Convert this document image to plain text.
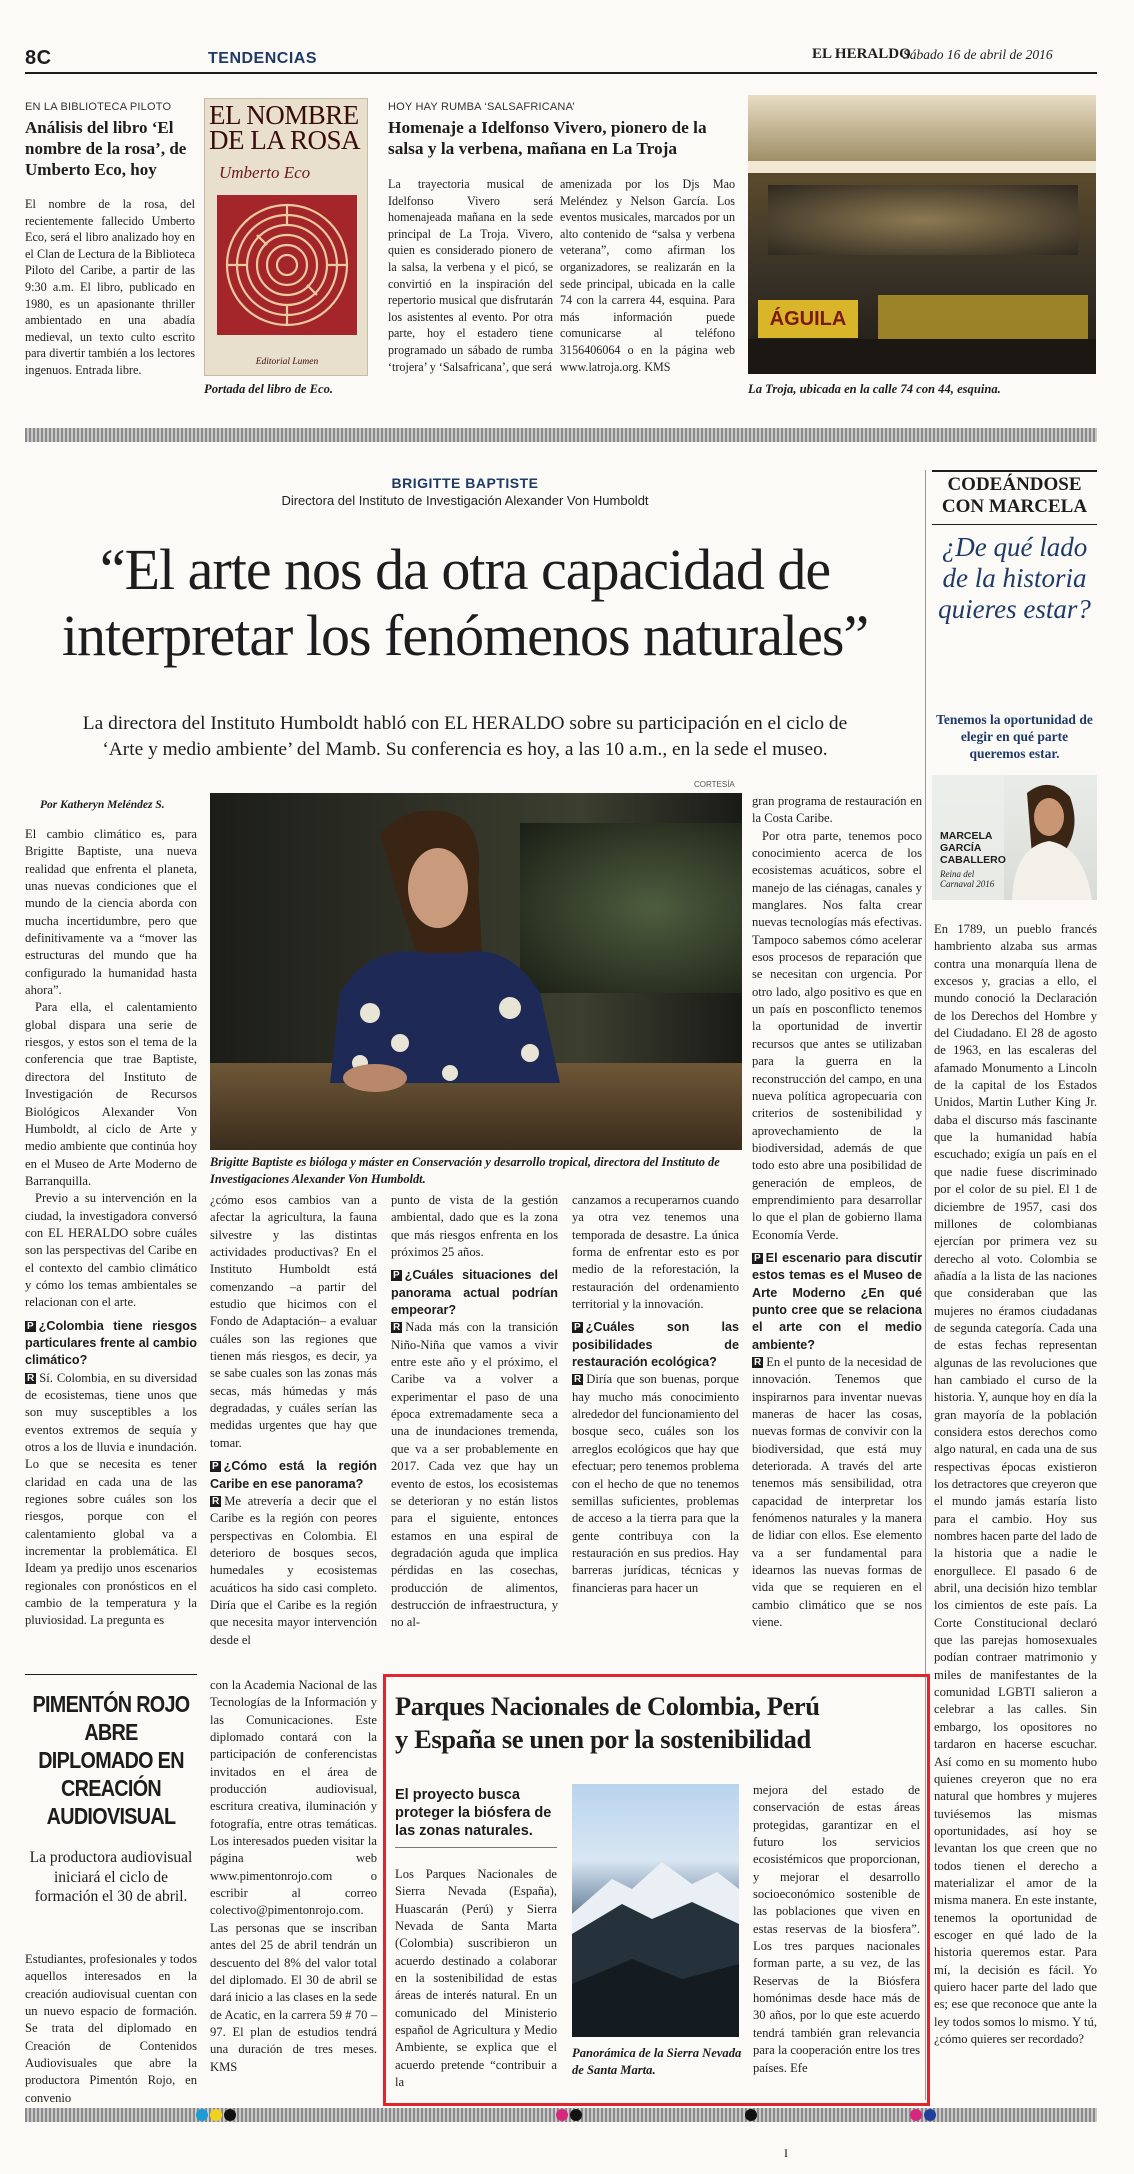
8C	TENDENCIAS	EL HERALDO
Sábado 16 de abril de 2016
EN LA BIBLIOTECA PILOTO
Análisis del libro ‘El nombre de la rosa’, de Umberto Eco, hoy
El nombre de la rosa, del recientemente fallecido Umberto Eco, será el libro analizado hoy en el Clan de Lectura de la Biblioteca Piloto del Caribe, a partir de las 9:30 a.m. El libro, publicado en 1980, es un apasionante thriller ambientado en una abadía medieval, un texto culto escrito para divertir también a los lectores ingenuos. Entrada libre.
EL NOMBRE DE LA ROSA
Umberto Eco
Editorial Lumen
Portada del libro de Eco.
HOY HAY RUMBA ‘SALSAFRICANA’
Homenaje a Idelfonso Vivero, pionero de la salsa y la verbena, mañana en La Troja
La trayectoria musical de Idelfonso Vivero será homenajeada mañana en la sede principal de La Troja. Vivero, quien es considerado pionero de la salsa, la verbena y el picó, se convirtió en la inspiración del repertorio musical que disfrutarán los asistentes al evento. Por otra parte, hoy el estadero tiene programado un sábado de rumba ‘trojera’ y ‘Salsafricana’, que será
amenizada por los Djs Mao Meléndez y Nelson García. Los eventos musicales, marcados por un alto contenido de “salsa y verbena veterana”, como afirman los organizadores, se realizarán en la sede principal, ubicada en la calle 74 con la carrera 44, esquina. Para más información puede comunicarse al teléfono 3156406064 o en la página web www.latroja.org. KMS
ÁGUILA
La Troja, ubicada en la calle 74 con 44, esquina.
BRIGITTE BAPTISTE
Directora del Instituto de Investigación Alexander Von Humboldt
“El arte nos da otra capacidad de
interpretar los fenómenos naturales”
La directora del Instituto Humboldt habló con EL HERALDO sobre su participación en el ciclo de
‘Arte y medio ambiente’ del Mamb. Su conferencia es hoy, a las 10 a.m., en la sede el museo.
Por Katheryn Meléndez S.
CORTESÍA
Brigitte Baptiste es bióloga y máster en Conservación y desarrollo tropical, directora del Instituto de Investigaciones Alexander Von Humboldt.

El cambio climático es, para Brigitte Baptiste, una nueva realidad que enfrenta el planeta, unas nuevas condiciones que el mundo de la ciencia aborda con mucha incertidumbre, pero que definitivamente va a “mover las estructuras del mundo que ha configurado la humanidad hasta ahora”.

Para ella, el calentamiento global dispara una serie de riesgos, y estos son el tema de la conferencia que trae Baptiste, directora del Instituto de Investigación de Recursos Biológicos Alexander Von Humboldt, al ciclo de Arte y medio ambiente que continúa hoy en el Museo de Arte Moderno de Barranquilla.

Previo a su intervención en la ciudad, la investigadora conversó con EL HERALDO sobre cuáles son las perspectivas del Caribe en el contexto del cambio climático y cómo los temas ambientales se relacionan con el arte.

P ¿Colombia tiene riesgos particulares frente al cambio climático?

R Sí. Colombia, en su diversidad de ecosistemas, tiene unos que son muy susceptibles a los eventos extremos de sequía y otros a los de lluvia e inundación. Lo que se necesita es tener claridad en cada una de las regiones sobre cuáles son los riesgos, porque con el calentamiento global va a incrementar la problemática. El Ideam ya predijo unos escenarios regionales con pronósticos en el cambio de la temperatura y la pluviosidad. La pregunta es

¿cómo esos cambios van a afectar la agricultura, la fauna silvestre y las distintas actividades productivas? En el Instituto Humboldt está comenzando –a partir del estudio que hicimos con el Fondo de Adaptación– a evaluar cuáles son las regiones que tienen más riesgos, es decir, ya se sabe cuales son las zonas más secas, más húmedas y más degradadas, y cuáles serían las medidas urgentes que hay que tomar.

P ¿Cómo está la región Caribe en ese panorama?

R Me atrevería a decir que el Caribe es la región con peores perspectivas en Colombia. El deterioro de bosques secos, humedales y ecosistemas acuáticos ha sido casi completo. Diría que el Caribe es la región que necesita mayor intervención desde el

punto de vista de la gestión ambiental, dado que es la zona que más riesgos enfrenta en los próximos 25 años.

P ¿Cuáles situaciones del panorama actual podrían empeorar?

R Nada más con la transición Niño-Niña que vamos a vivir entre este año y el próximo, el Caribe va a volver a experimentar el paso de una época extremadamente seca a una de inundaciones tremenda, que va a ser probablemente en 2017. Cada vez que hay un evento de estos, los ecosistemas se deterioran y no están listos para el siguiente, entonces estamos en una espiral de degradación aguda que implica pérdidas en las cosechas, producción de alimentos, destrucción de infraestructura, y no al-

canzamos a recuperarnos cuando ya otra vez tenemos una temporada de desastre. La única forma de enfrentar esto es por medio de la reforestación, la restauración del ordenamiento territorial y la innovación.

P ¿Cuáles son las posibilidades de restauración ecológica?

R Diría que son buenas, porque hay mucho más conocimiento alrededor del funcionamiento del bosque seco, cuáles son los arreglos ecológicos que hay que efectuar; pero tenemos problema con el hecho de que no tenemos semillas suficientes, problemas de acceso a la tierra para que la gente contribuya con la restauración en sus predios. Hay barreras jurídicas, técnicas y financieras para hacer un

gran programa de restauración en la Costa Caribe.

Por otra parte, tenemos poco conocimiento acerca de los ecosistemas acuáticos, sobre el manejo de las ciénagas, canales y manglares. Nos falta crear nuevas tecnologías más efectivas. Tampoco sabemos cómo acelerar esos procesos de reparación que se necesitan con urgencia. Por otro lado, algo positivo es que en un país en posconflicto tenemos la oportunidad de invertir recursos que antes se utilizaban para la guerra en la reconstrucción del campo, en una nueva política agropecuaria con criterios de sostenibilidad y aprovechamiento de la biodiversidad, además de que todo esto abre una posibilidad de generación de empleos, de emprendimiento para desarrollar lo que el plan de gobierno llama Economía Verde.

P El escenario para discutir estos temas es el Museo de Arte Moderno ¿En qué punto cree que se relaciona el arte con el medio ambiente?

R En el punto de la necesidad de innovación. Tenemos que inspirarnos para inventar nuevas maneras de hacer las cosas, nuevas formas de convivir con la biodiversidad, que está muy deteriorada. A través del arte tenemos más sensibilidad, otra capacidad de interpretar los fenómenos naturales y la manera de lidiar con ellos. Ese elemento va a ser fundamental para idearnos las nuevas formas de vida que se requieren en el cambio climático que se nos viene.

CODEÁNDOSE CON MARCELA
¿De qué lado de la historia quieres estar?
Tenemos la oportunidad de elegir en qué parte queremos estar.
MARCELA GARCÍA CABALLERO
Reina del Carnaval 2016
En 1789, un pueblo francés hambriento alzaba sus armas contra una monarquía llena de excesos y, gracias a ello, el mundo conoció la Declaración de los Derechos del Hombre y del Ciudadano. El 28 de agosto de 1963, en las escaleras del afamado Monumento a Lincoln de la capital de los Estados Unidos, Martin Luther King Jr. daba el discurso más fascinante que la humanidad había escuchado; exigía un país en el que nadie fuese discriminado por el color de su piel. El 1 de diciembre de 1957, casi dos millones de colombianas ejercían por primera vez su derecho al voto. Colombia se añadía a la lista de las naciones que consideraban que las mujeres no éramos ciudadanas de segunda categoría. Cada una de estas fechas representan algunas de las revoluciones que han cambiado el curso de la historia. Y, aunque hoy en día la gran mayoría de la población considera estos derechos como algo natural, en cada una de sus respectivas épocas existieron los detractores que creyeron que el mundo jamás estaría listo para el cambio. Hoy sus nombres hacen parte del lado de la historia que a nadie le enorgullece. El pasado 6 de abril, una decisión hizo temblar los cimientos de este país. La Corte Constitucional declaró que las parejas homosexuales podían contraer matrimonio y miles de manifestantes de la comunidad LGBTI salieron a celebrar a las calles. Sin embargo, los opositores no tardaron en hacerse escuchar. Así como en su momento hubo quienes creyeron que no era natural que hombres y mujeres tuviésemos las mismas oportunidades, así hoy se levantan los que creen que no todos tienen el derecho a materializar el amor de la misma manera. En este instante, tenemos la oportunidad de escoger en qué lado de la historia queremos estar. Para mí, la decisión es fácil. Yo quiero hacer parte del lado que es; ese que reconoce que ante la ley todos somos lo mismo. Y tú, ¿cómo quieres ser recordado?
PIMENTÓN ROJO ABRE DIPLOMADO EN CREACIÓN AUDIOVISUAL
La productora audiovisual iniciará el ciclo de formación el 30 de abril.
Estudiantes, profesionales y todos aquellos interesados en la creación audiovisual cuentan con un nuevo espacio de formación. Se trata del diplomado en Creación de Contenidos Audiovisuales que abre la productora Pimentón Rojo, en convenio
con la Academia Nacional de las Tecnologías de la Información y las Comunicaciones. Este diplomado contará con la participación de conferencistas invitados en el área de producción audiovisual, escritura creativa, iluminación y fotografía, entre otras temáticas. Los interesados pueden visitar la página web www.pimentonrojo.com o escribir al correo colectivo@pimentonrojo.com. Las personas que se inscriban antes del 25 de abril tendrán un descuento del 8% del valor total del diplomado. El 30 de abril se dará inicio a las clases en la sede de Acatic, en la carrera 59 # 70 – 97. El plan de estudios tendrá una duración de tres meses. KMS
Parques Nacionales de Colombia, Perú
y España se unen por la sostenibilidad
El proyecto busca proteger la biósfera de las zonas naturales.
Los Parques Nacionales de Sierra Nevada (España), Huascarán (Perú) y Sierra Nevada de Santa Marta (Colombia) suscribieron un acuerdo destinado a colaborar en la sostenibilidad de estas áreas de interés natural. En un comunicado del Ministerio español de Agricultura y Medio Ambiente, se explica que el acuerdo pretende “contribuir a la
Panorámica de la Sierra Nevada de Santa Marta.
mejora del estado de conservación de estas áreas protegidas, garantizar en el futuro los servicios ecosistémicos que proporcionan, y mejorar el desarrollo socioeconómico sostenible de las poblaciones que viven en estas reservas de la biosfera”. Los tres parques nacionales forman parte, a su vez, de las Reservas de la Biósfera homónimas desde hace más de 30 años, por lo que este acuerdo tendrá también gran relevancia para la cooperación entre los tres países. Efe
I
